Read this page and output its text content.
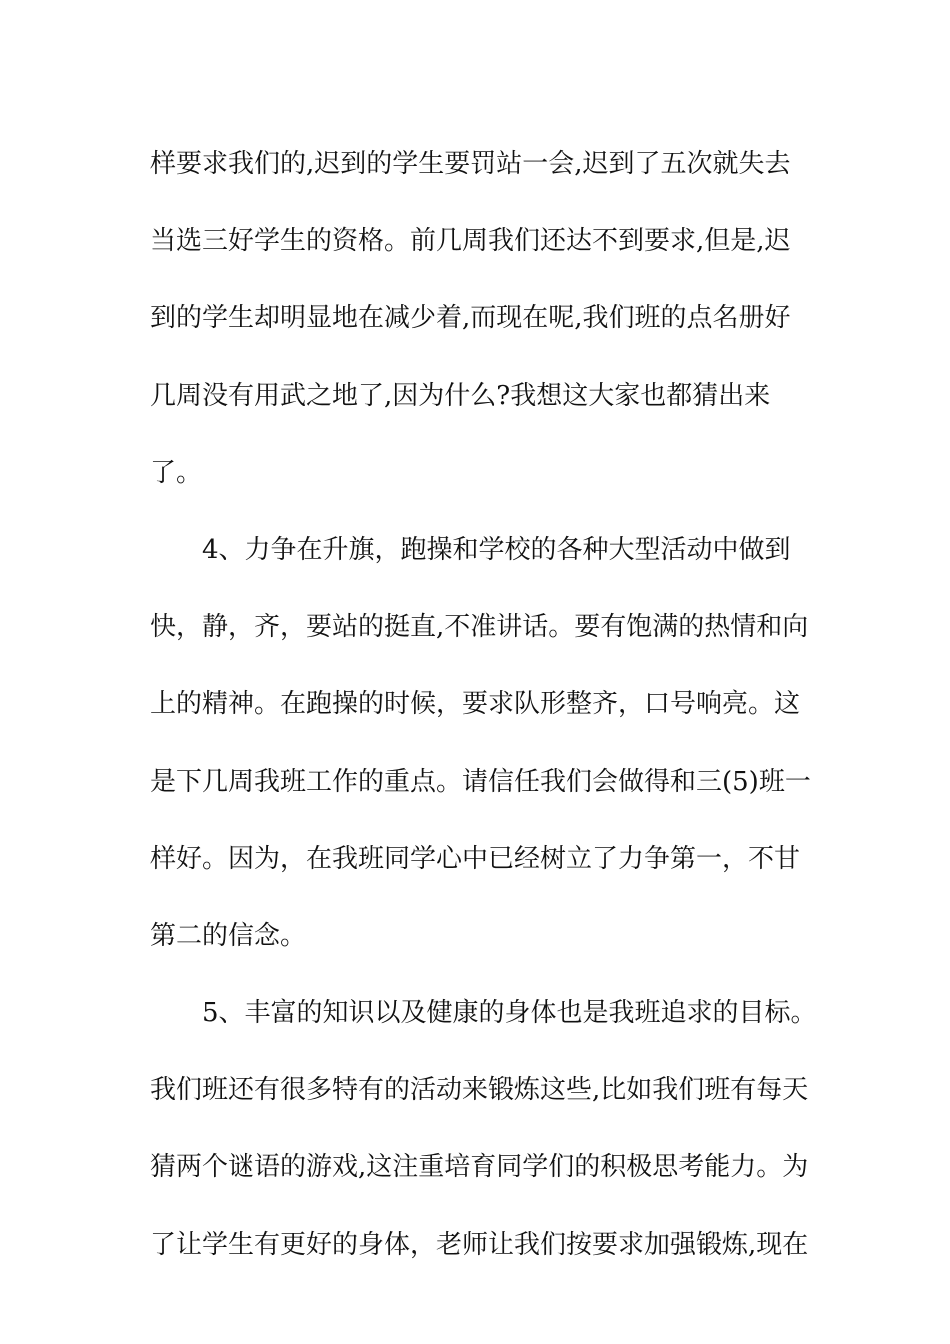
样要求我们的,迟到的学生要罚站一会,迟到了五次就失去
当选三好学生的资格。前几周我们还达不到要求,但是,迟
到的学生却明显地在减少着,而现在呢,我们班的点名册好
几周没有用武之地了,因为什么?我想这大家也都猜出来
了。
4、力争在升旗，跑操和学校的各种大型活动中做到
快，静，齐，要站的挺直,不准讲话。要有饱满的热情和向
上的精神。在跑操的时候，要求队形整齐，口号响亮。这
是下几周我班工作的重点。请信任我们会做得和三(5)班一
样好。因为，在我班同学心中已经树立了力争第一，不甘
第二的信念。
5、丰富的知识以及健康的身体也是我班追求的目标。
我们班还有很多特有的活动来锻炼这些,比如我们班有每天
猜两个谜语的游戏,这注重培育同学们的积极思考能力。为
了让学生有更好的身体，老师让我们按要求加强锻炼,现在
